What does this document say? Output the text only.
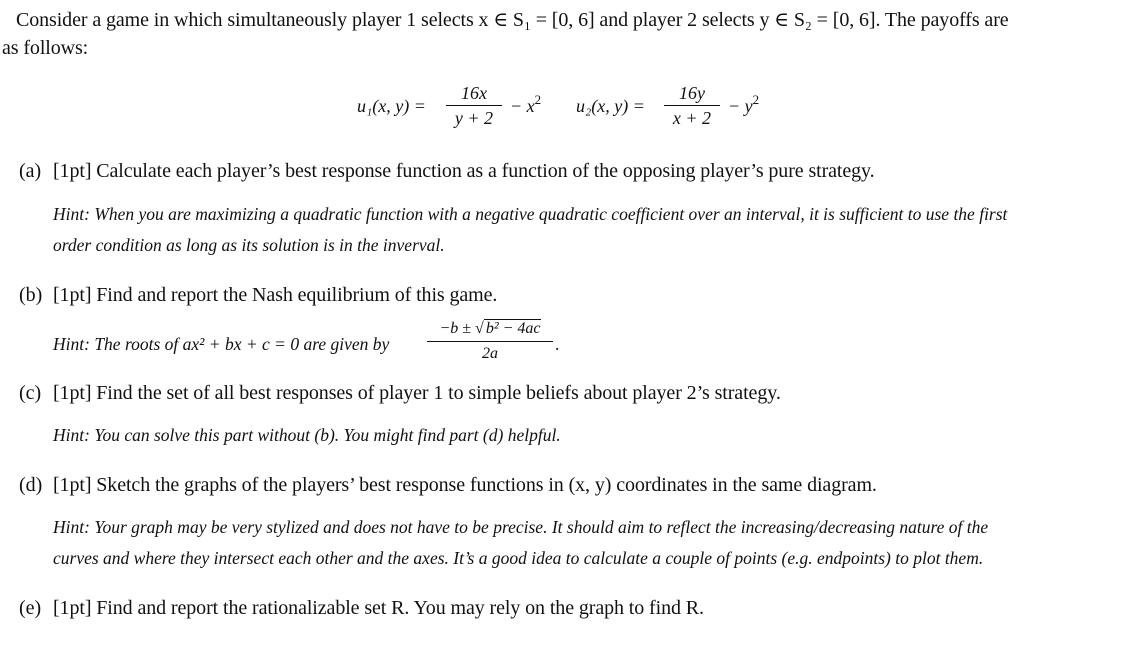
Consider a game in which simultaneously player 1 selects x ∈ S₁ = [0, 6] and player 2 selects y ∈ S₂ = [0, 6]. The payoffs are
as follows:
u₁(x, y) =
16x
y + 2
− $x^2$ u₂(x, y) =
16y
x + 2
− $y^2$
(a) [1pt] Calculate each player’s best response function as a function of the opposing player’s pure strategy.
Hint: When you are maximizing a quadratic function with a negative quadratic coefficient over an interval, it is sufficient to use the first
order condition as long as its solution is in the inverval.
(b) [1pt] Find and report the Nash equilibrium of this game.
Hint: The roots of ax² + bx + c = 0 are given by
−b ± √ b² − 4ac
2a	.
(c) [1pt] Find the set of all best responses of player 1 to simple beliefs about player 2’s strategy.
Hint: You can solve this part without (b). You might find part (d) helpful.
(d) [1pt] Sketch the graphs of the players’ best response functions in (x, y) coordinates in the same diagram.
Hint: Your graph may be very stylized and does not have to be precise. It should aim to reflect the increasing/decreasing nature of the
curves and where they intersect each other and the axes. It’s a good idea to calculate a couple of points (e.g. endpoints) to plot them.
(e) [1pt] Find and report the rationalizable set R. You may rely on the graph to find R.
